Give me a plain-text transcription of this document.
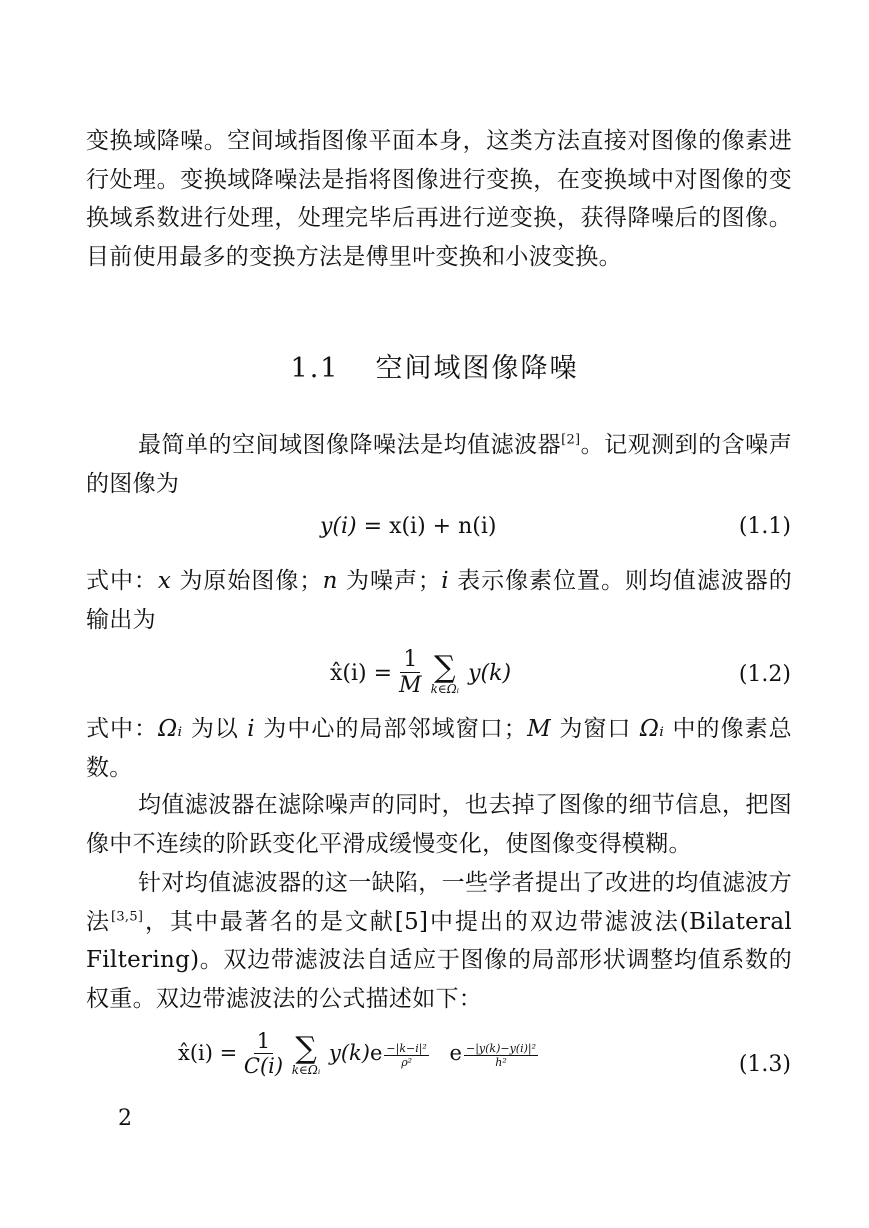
变换域降噪。空间域指图像平面本身，这类方法直接对图像的像素进行处理。变换域降噪法是指将图像进行变换，在变换域中对图像的变换域系数进行处理，处理完毕后再进行逆变换，获得降噪后的图像。目前使用最多的变换方法是傅里叶变换和小波变换。

1.1 空间域图像降噪

最简单的空间域图像降噪法是均值滤波器[2]。记观测到的含噪声的图像为

y(i) = x(i) + n(i)	(1.1)

式中：x 为原始图像；n 为噪声；i 表示像素位置。则均值滤波器的输出为

x̂(i) = $\frac{1}{M}$
∑
k∈Ωᵢ
y(k)	(1.2)

式中：Ωᵢ 为以 i 为中心的局部邻域窗口；M 为窗口 Ωᵢ 中的像素总数。

均值滤波器在滤除噪声的同时，也去掉了图像的细节信息，把图像中不连续的阶跃变化平滑成缓慢变化，使图像变得模糊。

针对均值滤波器的这一缺陷，一些学者提出了改进的均值滤波方法[3,5]，其中最著名的是文献[5]中提出的双边带滤波法(Bilateral Filtering)。双边带滤波法自适应于图像的局部形状调整均值系数的权重。双边带滤波法的公式描述如下：

x̂(i) = $\frac{1}{C(i)}$
∑
k∈Ωᵢ
$y(k)e \frac{\text{−|k−i|²}}{\text{ρ²}}$ e $\frac{\text{−|y(k)−y(i)|²}}{\text{h²}}$	(1.3)
2
